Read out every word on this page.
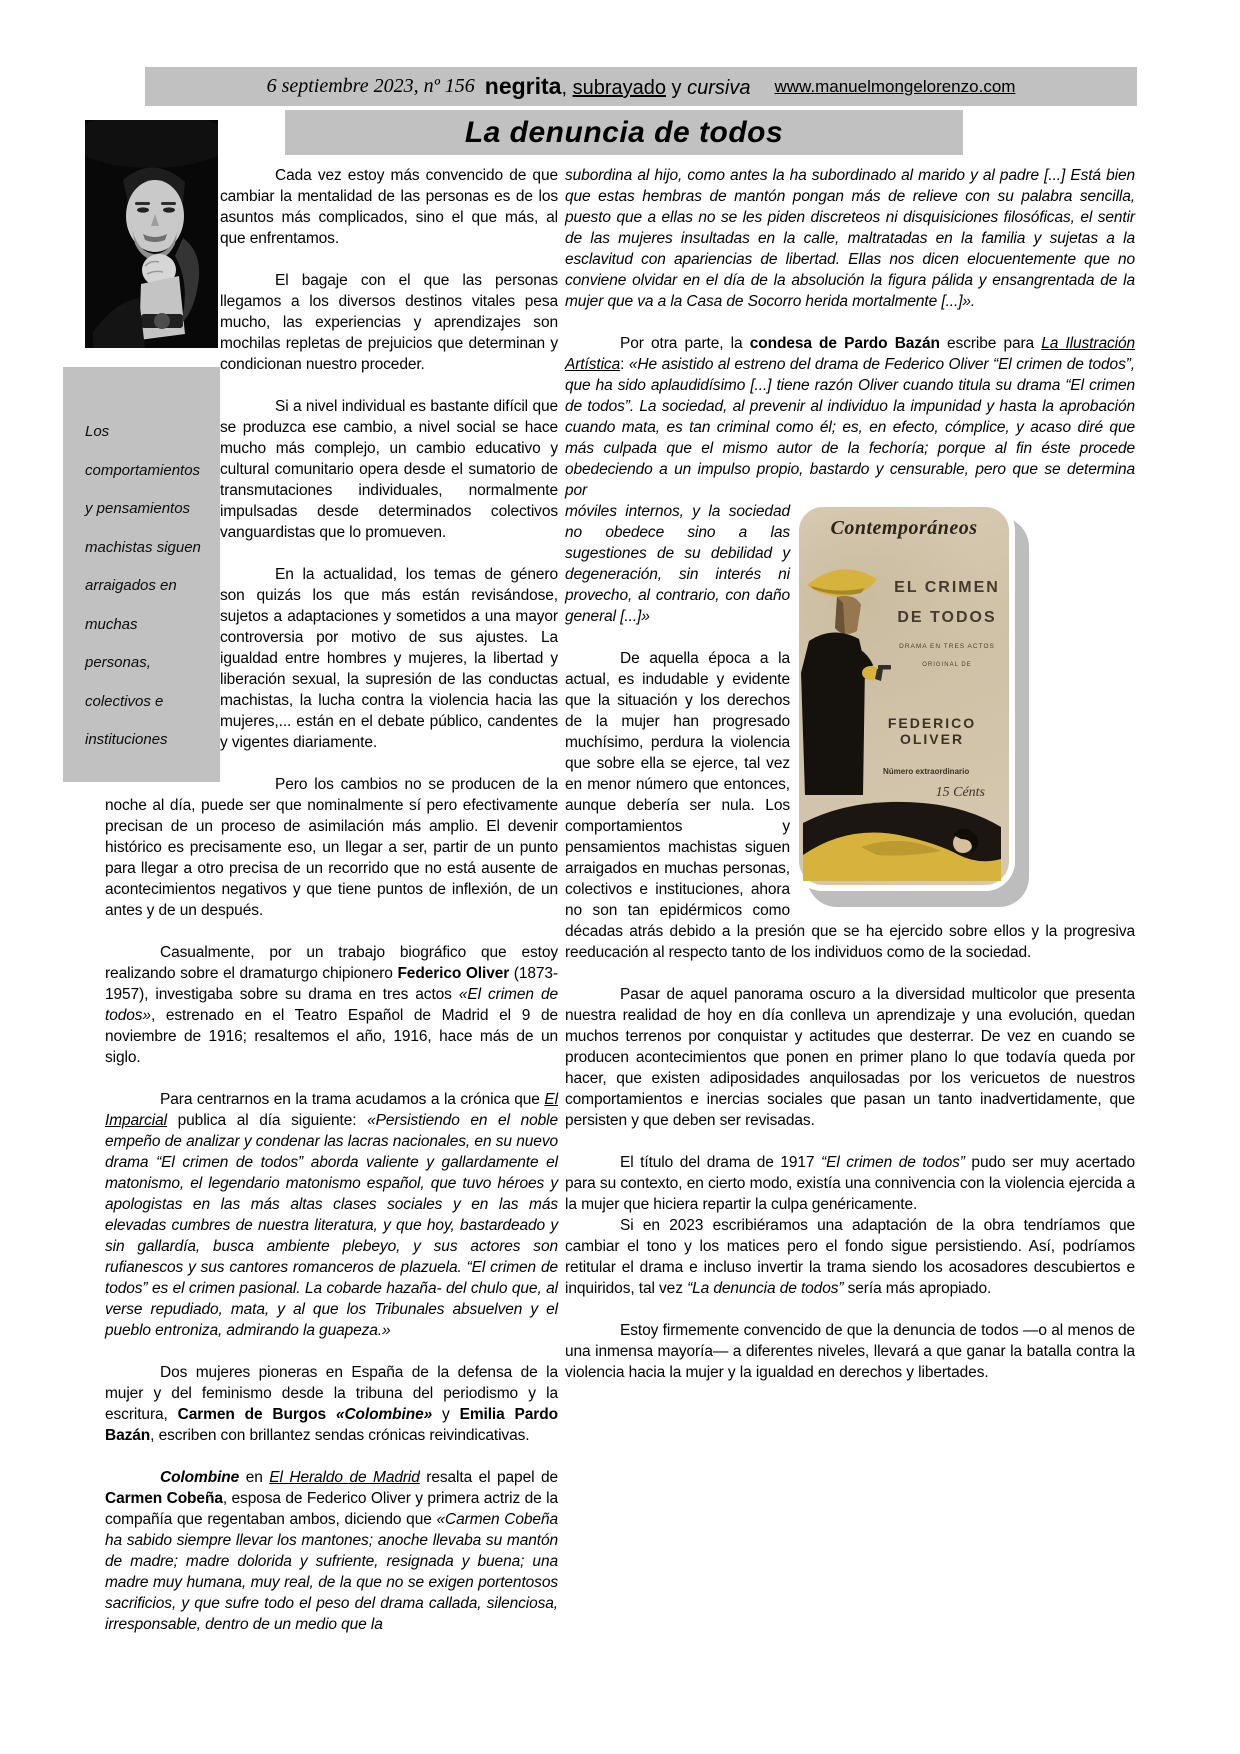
6 septiembre 2023, nº 156 negrita, subrayado y cursiva www.manuelmongelorenzo.com
La denuncia de todos
Los
comportamientos
y pensamientos
machistas siguen
arraigados en
muchas
personas,
colectivos e
instituciones

Cada vez estoy más convencido de que cambiar la mentalidad de las personas es de los asuntos más complicados, sino el que más, al que enfrentamos.

El bagaje con el que las personas llegamos a los diversos destinos vitales pesa mucho, las experiencias y aprendizajes son mochilas repletas de prejuicios que determinan y condicionan nuestro proceder.

Si a nivel individual es bastante difícil que se produzca ese cambio, a nivel social se hace mucho más complejo, un cambio educativo y cultural comunitario opera desde el sumatorio de transmutaciones individuales, normalmente impulsadas desde determinados colectivos vanguardistas que lo promueven.

En la actualidad, los temas de género son quizás los que más están revisándose, sujetos a adaptaciones y sometidos a una mayor controversia por motivo de sus ajustes. La igualdad entre hombres y mujeres, la libertad y liberación sexual, la supresión de las conductas machistas, la lucha contra la violencia hacia las mujeres,... están en el debate público, candentes y vigentes diariamente.

Pero los cambios no se producen de la noche al día, puede ser que nominalmente sí pero efectivamente precisan de un proceso de asimilación más amplio. El devenir histórico es precisamente eso, un llegar a ser, partir de un punto para llegar a otro precisa de un recorrido que no está ausente de acontecimientos negativos y que tiene puntos de inflexión, de un antes y de un después.

Casualmente, por un trabajo biográfico que estoy realizando sobre el dramaturgo chipionero Federico Oliver (1873-1957), investigaba sobre su drama en tres actos «El crimen de todos», estrenado en el Teatro Español de Madrid el 9 de noviembre de 1916; resaltemos el año, 1916, hace más de un siglo.

Para centrarnos en la trama acudamos a la crónica que El Imparcial publica al día siguiente: «Persistiendo en el noble empeño de analizar y condenar las lacras nacionales, en su nuevo drama “El crimen de todos” aborda valiente y gallardamente el matonismo, el legendario matonismo español, que tuvo héroes y apologistas en las más altas clases sociales y en las más elevadas cumbres de nuestra literatura, y que hoy, bastardeado y sin gallardía, busca ambiente plebeyo, y sus actores son rufianescos y sus cantores romanceros de plazuela. “El crimen de todos” es el crimen pasional. La cobarde hazaña- del chulo que, al verse repudiado, mata, y al que los Tribunales absuelven y el pueblo entroniza, admirando la guapeza.»

Dos mujeres pioneras en España de la defensa de la mujer y del feminismo desde la tribuna del periodismo y la escritura, Carmen de Burgos «Colombine» y Emilia Pardo Bazán, escriben con brillantez sendas crónicas reivindicativas.

Colombine en El Heraldo de Madrid resalta el papel de Carmen Cobeña, esposa de Federico Oliver y primera actriz de la compañía que regentaban ambos, diciendo que «Carmen Cobeña ha sabido siempre llevar los mantones; anoche llevaba su mantón de madre; madre dolorida y sufriente, resignada y buena; una madre muy humana, muy real, de la que no se exigen portentosos sacrificios, y que sufre todo el peso del drama callada, silenciosa, irresponsable, dentro de un medio que la

subordina al hijo, como antes la ha subordinado al marido y al padre [...] Está bien que estas hembras de mantón pongan más de relieve con su palabra sencilla, puesto que a ellas no se les piden discreteos ni disquisiciones filosóficas, el sentir de las mujeres insultadas en la calle, maltratadas en la familia y sujetas a la esclavitud con apariencias de libertad. Ellas nos dicen elocuentemente que no conviene olvidar en el día de la absolución la figura pálida y ensangrentada de la mujer que va a la Casa de Socorro herida mortalmente [...]».

Por otra parte, la condesa de Pardo Bazán escribe para La Ilustración Artística: «He asistido al estreno del drama de Federico Oliver “El crimen de todos”, que ha sido aplaudidísimo [...] tiene razón Oliver cuando titula su drama “El crimen de todos”. La sociedad, al prevenir al individuo la impunidad y hasta la aprobación cuando mata, es tan criminal como él; es, en efecto, cómplice, y acaso diré que más culpada que el mismo autor de la fechoría; porque al fin éste procede obedeciendo a un impulso propio, bastardo y censurable, pero que se determina por

Contemporáneos
EL CRIMEN
DE TODOS
DRAMA EN TRES ACTOS
ORIGINAL DE
FEDERICO OLIVER
Número extraordinario
15 Cénts

móviles internos, y la sociedad no obedece sino a las sugestiones de su debilidad y degeneración, sin interés ni provecho, al contrario, con daño general [...]»

De aquella época a la actual, es indudable y evidente que la situación y los derechos de la mujer han progresado muchísimo, perdura la violencia que sobre ella se ejerce, tal vez en menor número que entonces, aunque debería ser nula. Los comportamientos y pensamientos machistas siguen arraigados en muchas personas, colectivos e instituciones, ahora no son tan epidérmicos como décadas atrás debido a la presión que se ha ejercido sobre ellos y la progresiva reeducación al respecto tanto de los individuos como de la sociedad.

Pasar de aquel panorama oscuro a la diversidad multicolor que presenta nuestra realidad de hoy en día conlleva un aprendizaje y una evolución, quedan muchos terrenos por conquistar y actitudes que desterrar. De vez en cuando se producen acontecimientos que ponen en primer plano lo que todavía queda por hacer, que existen adiposidades anquilosadas por los vericuetos de nuestros comportamientos e inercias sociales que pasan un tanto inadvertidamente, que persisten y que deben ser revisadas.

El título del drama de 1917 “El crimen de todos” pudo ser muy acertado para su contexto, en cierto modo, existía una connivencia con la violencia ejercida a la mujer que hiciera repartir la culpa genéricamente.

Si en 2023 escribiéramos una adaptación de la obra tendríamos que cambiar el tono y los matices pero el fondo sigue persistiendo. Así, podríamos retitular el drama e incluso invertir la trama siendo los acosadores descubiertos e inquiridos, tal vez “La denuncia de todos” sería más apropiado.

Estoy firmemente convencido de que la denuncia de todos —o al menos de una inmensa mayoría— a diferentes niveles, llevará a que ganar la batalla contra la violencia hacia la mujer y la igualdad en derechos y libertades.
